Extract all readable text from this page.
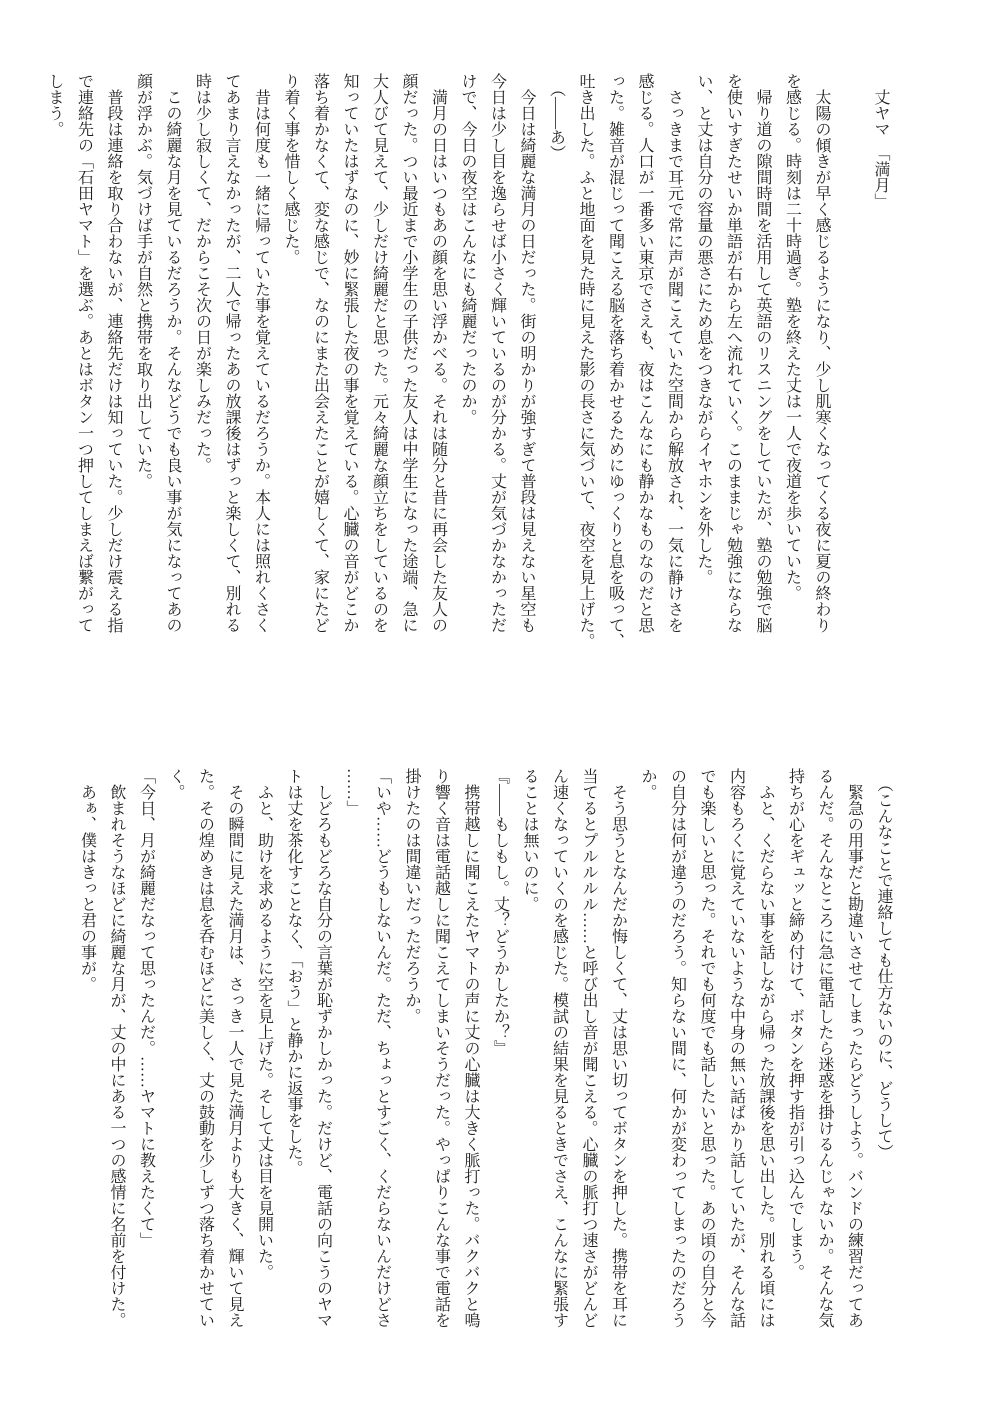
　丈ヤマ　「満月」
　太陽の傾きが早く感じるようになり、少し肌寒くなってくる夜に夏の終わり
を感じる。時刻は二十時過ぎ。塾を終えた丈は一人で夜道を歩いていた。
　帰り道の隙間時間を活用して英語のリスニングをしていたが、塾の勉強で脳
を使いすぎたせいか単語が右から左へ流れていく。このままじゃ勉強にならな
い、と丈は自分の容量の悪さにため息をつきながらイヤホンを外した。
　さっきまで耳元で常に声が聞こえていた空間から解放され、一気に静けさを
感じる。人口が一番多い東京でさえも、夜はこんなにも静かなものなのだと思
った。雑音が混じって聞こえる脳を落ち着かせるためにゆっくりと息を吸って、
吐き出した。ふと地面を見た時に見えた影の長さに気づいて、夜空を見上げた。
　（――あ）
　今日は綺麗な満月の日だった。街の明かりが強すぎて普段は見えない星空も
今日は少し目を逸らせば小さく輝いているのが分かる。丈が気づかなかっただ
けで、今日の夜空はこんなにも綺麗だったのか。
　満月の日はいつもあの顔を思い浮かべる。それは随分と昔に再会した友人の
顔だった。つい最近まで小学生の子供だった友人は中学生になった途端、急に
大人びて見えて、少しだけ綺麗だと思った。元々綺麗な顔立ちをしているのを
知っていたはずなのに、妙に緊張した夜の事を覚えている。心臓の音がどこか
落ち着かなくて、変な感じで、なのにまた出会えたことが嬉しくて、家にたど
り着く事を惜しく感じた。
　昔は何度も一緒に帰っていた事を覚えているだろうか。本人には照れくさく
てあまり言えなかったが、二人で帰ったあの放課後はずっと楽しくて、別れる
時は少し寂しくて、だからこそ次の日が楽しみだった。
　この綺麗な月を見ているだろうか。そんなどうでも良い事が気になってあの
顔が浮かぶ。気づけば手が自然と携帯を取り出していた。
　普段は連絡を取り合わないが、連絡先だけは知っていた。少しだけ震える指
で連絡先の「石田ヤマト」を選ぶ。あとはボタン一つ押してしまえば繋がって
しまう。
　（こんなことで連絡しても仕方ないのに、どうして）
　緊急の用事だと勘違いさせてしまったらどうしよう。バンドの練習だってあ
るんだ。そんなところに急に電話したら迷惑を掛けるんじゃないか。そんな気
持ちが心をギュッと締め付けて、ボタンを押す指が引っ込んでしまう。
　ふと、くだらない事を話しながら帰った放課後を思い出した。別れる頃には
内容もろくに覚えていないような中身の無い話ばかり話していたが、そんな話
でも楽しいと思った。それでも何度でも話したいと思った。あの頃の自分と今
の自分は何が違うのだろう。知らない間に、何かが変わってしまったのだろう
か。
　そう思うとなんだか悔しくて、丈は思い切ってボタンを押した。携帯を耳に
当てるとプルルルル……と呼び出し音が聞こえる。心臓の脈打つ速さがどんど
ん速くなっていくのを感じた。模試の結果を見るときでさえ、こんなに緊張す
ることは無いのに。
『――もしもし。丈？どうかしたか？』
　携帯越しに聞こえたヤマトの声に丈の心臓は大きく脈打った。バクバクと鳴
り響く音は電話越しに聞こえてしまいそうだった。やっぱりこんな事で電話を
掛けたのは間違いだっただろうか。
「いや……どうもしないんだ。ただ、ちょっとすごく、くだらないんだけどさ
……」
　しどろもどろな自分の言葉が恥ずかしかった。だけど、電話の向こうのヤマ
トは丈を茶化すことなく、「おう」と静かに返事をした。
　ふと、助けを求めるように空を見上げた。そして丈は目を見開いた。
　その瞬間に見えた満月は、さっき一人で見た満月よりも大きく、輝いて見え
た。その煌めきは息を呑むほどに美しく、丈の鼓動を少しずつ落ち着かせてい
く。
「今日、月が綺麗だなって思ったんだ。……ヤマトに教えたくて」
　飲まれそうなほどに綺麗な月が、丈の中にある一つの感情に名前を付けた。
　あぁ、僕はきっと君の事が。
